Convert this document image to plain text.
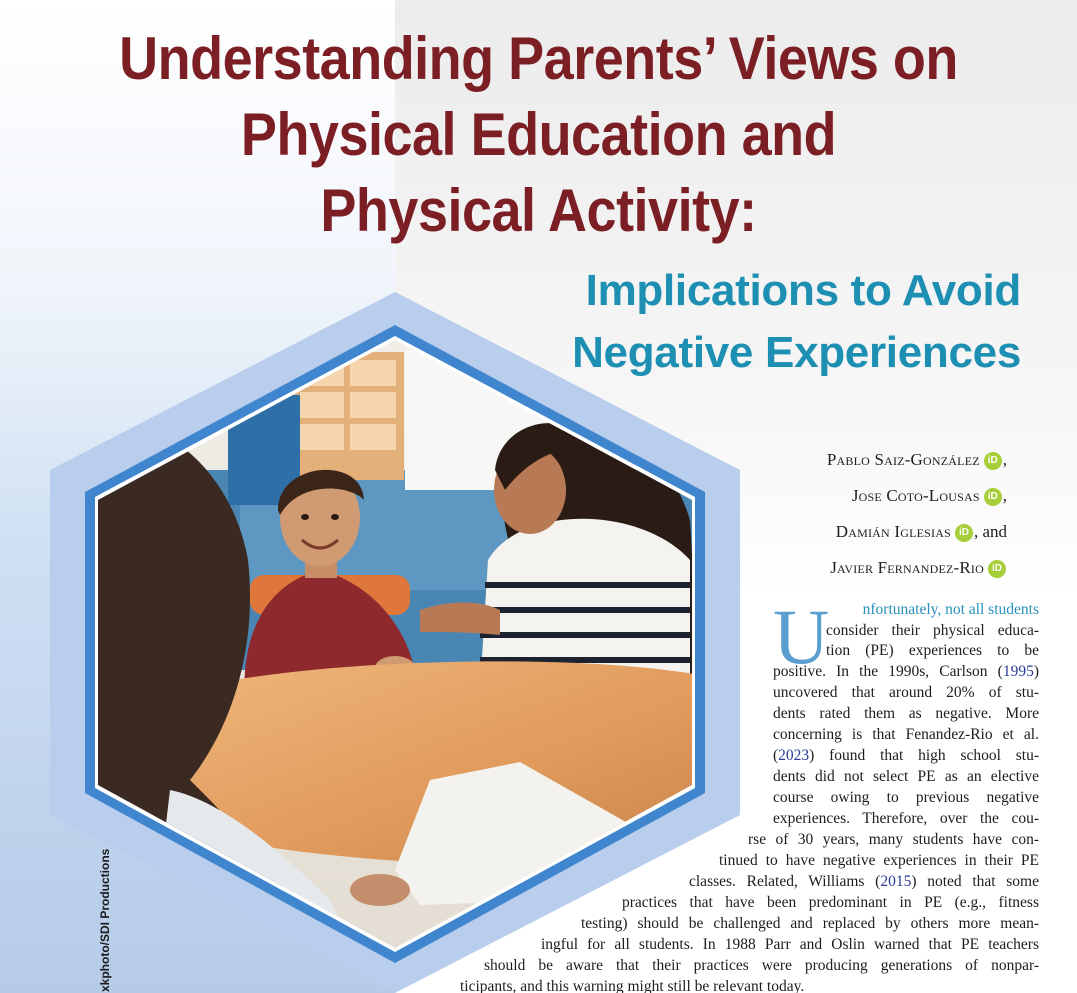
Understanding Parents’ Views on
Physical Education and
Physical Activity:
Implications to Avoid
Negative Experiences
Pablo Saiz-González iD ,
Jose Coto-Lousas iD ,
Damián Iglesias iD , and
Javier Fernandez-Rio iD
U	nfortunately, not all students

consider their physical educa-

tion (PE) experiences to be

positive. In the 1990s, Carlson (1995)

uncovered that around 20% of stu-

dents rated them as negative. More

concerning is that Fenandez-Rio et al.

(2023) found that high school stu-

dents did not select PE as an elective

course owing to previous negative

experiences. Therefore, over the cou-

rse of 30 years, many students have con-

tinued to have negative experiences in their PE

classes. Related, Williams (2015) noted that some

practices that have been predominant in PE (e.g., fitness

testing) should be challenged and replaced by others more mean-

ingful for all students. In 1988 Parr and Oslin warned that PE teachers

should be aware that their practices were producing generations of nonpar-

ticipants, and this warning might still be relevant today.

xkphoto/SDI Productions
